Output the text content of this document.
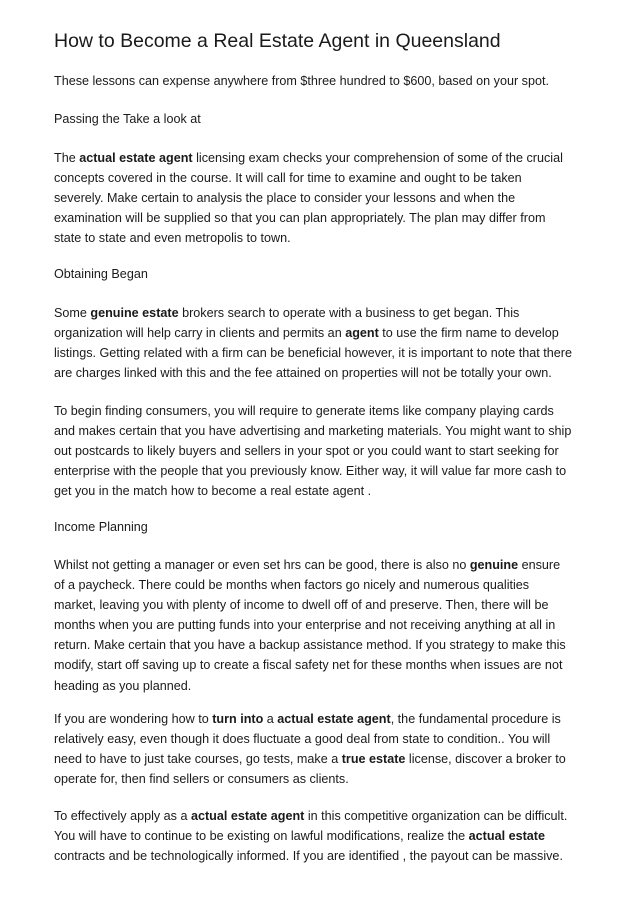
How to Become a Real Estate Agent in Queensland

These lessons can expense anywhere from $three hundred to $600, based on your spot.

Passing the Take a look at

The actual estate agent licensing exam checks your comprehension of some of the crucial
concepts covered in the course. It will call for time to examine and ought to be taken
severely. Make certain to analysis the place to consider your lessons and when the
examination will be supplied so that you can plan appropriately. The plan may differ from
state to state and even metropolis to town.

Obtaining Began

Some genuine estate brokers search to operate with a business to get began. This
organization will help carry in clients and permits an agent to use the firm name to develop
listings. Getting related with a firm can be beneficial however, it is important to note that there
are charges linked with this and the fee attained on properties will not be totally your own.

To begin finding consumers, you will require to generate items like company playing cards
and makes certain that you have advertising and marketing materials. You might want to ship
out postcards to likely buyers and sellers in your spot or you could want to start seeking for
enterprise with the people that you previously know. Either way, it will value far more cash to
get you in the match how to become a real estate agent .

Income Planning

Whilst not getting a manager or even set hrs can be good, there is also no genuine ensure
of a paycheck. There could be months when factors go nicely and numerous qualities
market, leaving you with plenty of income to dwell off of and preserve. Then, there will be
months when you are putting funds into your enterprise and not receiving anything at all in
return. Make certain that you have a backup assistance method. If you strategy to make this
modify, start off saving up to create a fiscal safety net for these months when issues are not
heading as you planned.

If you are wondering how to turn into a actual estate agent, the fundamental procedure is
relatively easy, even though it does fluctuate a good deal from state to condition.. You will
need to have to just take courses, go tests, make a true estate license, discover a broker to
operate for, then find sellers or consumers as clients.

To effectively apply as a actual estate agent in this competitive organization can be difficult.
You will have to continue to be existing on lawful modifications, realize the actual estate
contracts and be technologically informed. If you are identified , the payout can be massive.
